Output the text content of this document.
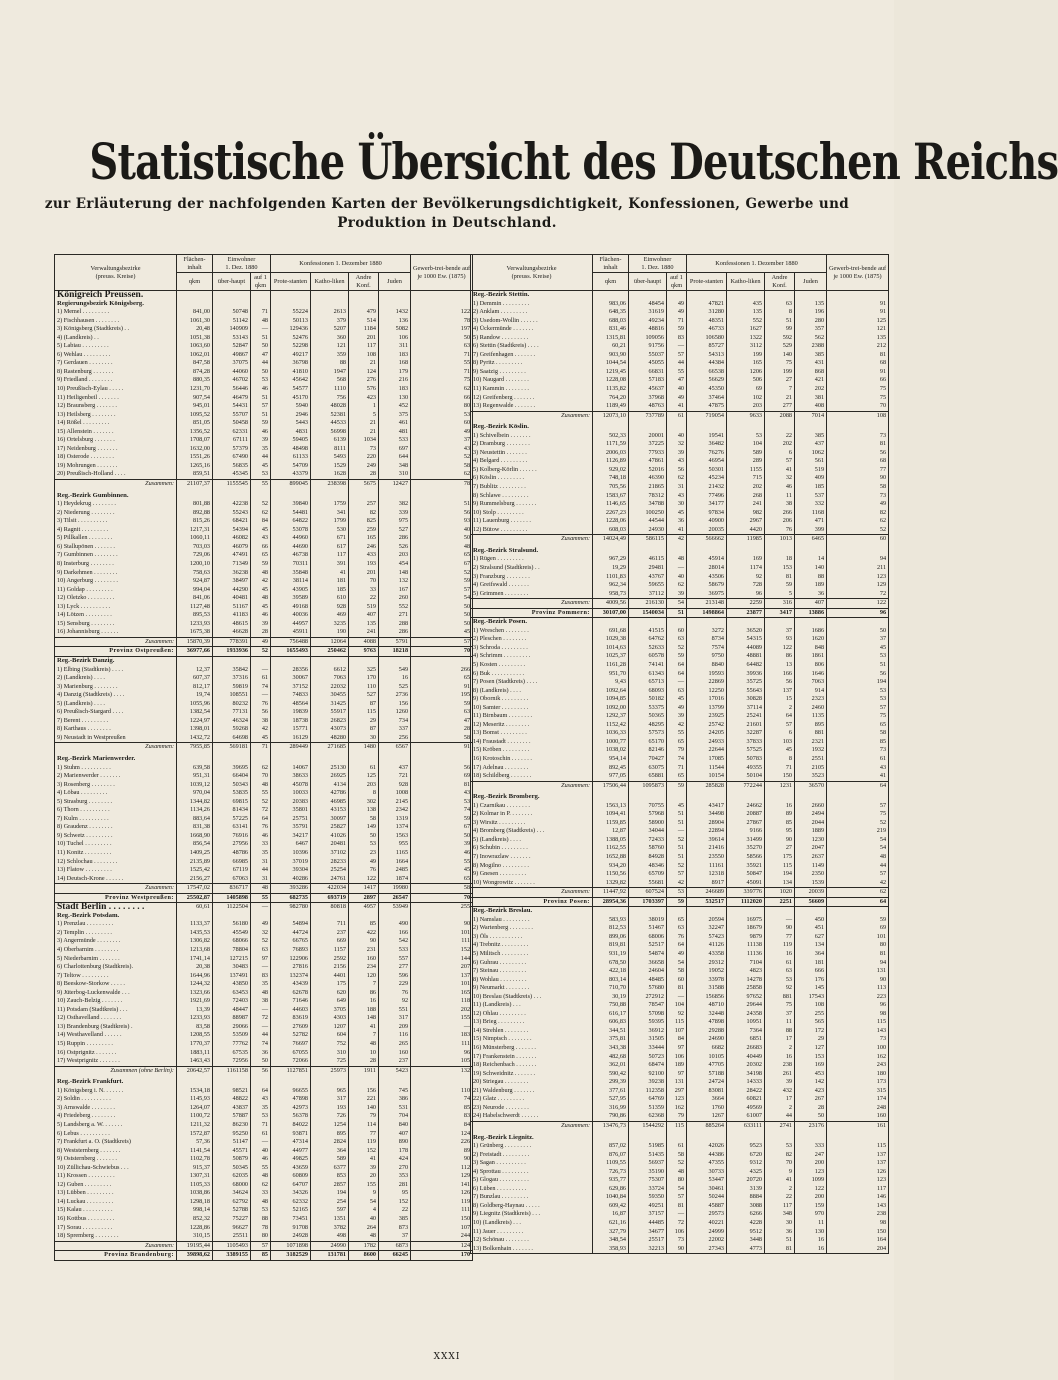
Statistische Übersicht des Deutschen Reichs
zur Erläuterung der nachfolgenden Karten der Bevölkerungsdichtigkeit, Konfessionen, Gewerbe und Produktion in Deutschland.
Verwaltungsbezirke
(preuss. Kreise)	Flächen-inhalt	Einwohner
1. Dez. 1880		Konfessionen 1. Dezember 1880				Gewerb-trei-bende auf je 1000 Ew. (1875)
		über-haupt	auf 1 qkm	Prote-stanten	Katho-liken	Andre Konf.	Juden	
	qkm							
Königreich Preussen.								
Regierungsbezirk Königsberg.								
1) Memel . . . . . . . . .	841,00	50748	71	55224	2613	479	1432	122
2) Fischhausen . . . . . . . .	1061,30	51142	48	50113	379	514	136	78
3) Königsberg (Stadtkreis) . .	20,48	140909	—	129436	5207	1184	5082	197
4) (Landkreis) . .	1051,38	53143	51	52476	360	201	106	50
5) Labiau . . . . . . . . .	1063,60	52847	50	52298	121	117	311	63
6) Wehlau . . . . . . . . .	1062,01	49867	47	49217	359	108	183	71
7) Gerdauen . . . . . . . .	847,58	37075	44	36798	88	21	168	55
8) Rastenburg . . . . . . .	874,28	44060	50	41810	1947	124	179	71
9) Friedland . . . . . . . .	880,35	46702	53	45642	568	276	216	75
10) Preußisch-Eylau . . . . .	1231,70	56446	46	54577	1110	576	183	62
11) Heiligenbeil . . . . . . .	907,54	46479	51	45170	756	423	130	66
12) Braunsberg . . . . . . .	945,01	54431	57	5940	48028	1	452	80
13) Heilsberg . . . . . . . .	1095,52	55707	51	2946	52381	5	375	53
14) Rößel . . . . . . . . .	851,05	50458	59	5443	44533	21	461	60
15) Allenstein . . . . . . .	1356,52	62331	46	4831	56998	21	481	49
16) Ortelsburg . . . . . . .	1708,07	67111	39	59405	6139	1034	533	37
17) Neidenburg . . . . . . .	1632,00	57379	35	48498	8111	73	697	43
18) Osterode . . . . . . . .	1551,26	67490	44	61133	5493	220	644	52
19) Mohrungen . . . . . . .	1265,16	56835	45	54709	1529	249	348	58
20) Preußisch-Holland . . . .	859,51	45345	53	43379	1628	28	310	62
Zusammen:	21107,37	1155545	55	899045	238398	5675	12427	78

Reg.-Bezirk Gumbinnen.								
1) Heydekrug . . . . . . . .	801,88	42238	52	39840	1759	257	382	51
2) Niederung . . . . . . . .	892,88	55243	62	54481	341	82	339	56
3) Tilsit . . . . . . . . . .	815,26	68421	84	64822	1799	825	975	93
4) Ragnit . . . . . . . . .	1217,31	54394	45	53078	530	259	527	40
5) Pillkallen . . . . . . . .	1060,11	46082	43	44960	671	165	286	50
6) Stallupönen . . . . . . .	703,03	46079	66	44690	617	246	526	48
7) Gumbinnen . . . . . . . .	729,06	47491	65	46738	117	433	203	65
8) Insterburg . . . . . . . .	1200,10	71349	59	70311	391	193	454	67
9) Darkehmen . . . . . . . .	758,63	36238	48	35848	41	201	148	52
10) Angerburg . . . . . . . .	924,87	38497	42	38114	181	70	132	59
11) Goldap . . . . . . . . .	994,04	44290	45	43905	185	33	167	57
12) Oletzko . . . . . . . . .	841,06	40481	48	39589	610	22	260	54
13) Lyck . . . . . . . . . .	1127,48	51167	45	49168	928	519	552	50
14) Lötzen . . . . . . . . .	895,53	41183	46	40036	469	407	271	50
15) Sensburg . . . . . . . .	1233,93	48615	39	44957	3235	135	288	50
16) Johannisburg . . . . . .	1675,38	46628	28	45911	190	241	286	45
Zusammen:	15870,39	778391	49	756488	12064	4088	5791	57
Provinz Ostpreußen:	36977,66	1933936	52	1655493	250462	9763	18218	70
Reg.-Bezirk Danzig.								
1) Elbing (Stadtkreis) . . . .	12,37	35842	—	28356	6612	325	549	266
2) (Landkreis) . . . .	607,37	37316	61	30067	7063	170	16	65
3) Marienburg . . . . . . . .	812,17	59819	74	37152	22032	110	525	91
4) Danzig (Stadtkreis) . . . .	19,74	108551	—	74833	30455	527	2736	195
5) (Landkreis) . . . .	1055,96	80232	76	48564	31425	87	156	59
6) Preußisch-Stargard . . . .	1382,54	77131	56	19839	55917	115	1260	63
7) Berent . . . . . . . . .	1224,97	46324	38	18738	26823	29	734	47
8) Karthaus . . . . . . . .	1398,01	59268	42	15771	43073	87	337	28
9) Neustadt in Westpreußen	1432,72	64698	45	16129	48280	30	256	58
Zusammen:	7955,85	569181	71	289449	271685	1480	6567	91

Reg.-Bezirk Marienwerder.								
1) Stuhm . . . . . . . . . .	639,58	39695	62	14067	25130	61	437	56
2) Marienwerder . . . . . . .	951,31	66404	70	38633	26925	125	721	69
3) Rosenberg . . . . . . . .	1039,12	50343	48	45078	4134	203	928	81
4) Löbau . . . . . . . . .	970,04	53835	55	10033	42786	8	1008	43
5) Strasburg . . . . . . . .	1344,82	69815	52	20383	46985	302	2145	53
6) Thorn . . . . . . . . . .	1134,26	81434	72	35801	43153	138	2342	74
7) Kulm . . . . . . . . . .	883,64	57225	64	25751	30097	58	1319	59
8) Graudenz . . . . . . . .	831,38	63141	76	35791	25827	149	1374	67
9) Schwetz . . . . . . . . .	1668,90	76916	46	34217	41026	50	1563	50
10) Tuchel . . . . . . . . .	856,54	27956	33	6467	20481	53	955	39
11) Konitz . . . . . . . . .	1409,25	48786	35	10396	37102	23	1165	46
12) Schlochau . . . . . . . .	2135,89	66985	31	37019	28233	49	1664	55
13) Flatow . . . . . . . . .	1525,42	67119	44	39304	25254	76	2485	45
14) Deutsch-Krone . . . . . .	2156,27	67063	31	40286	24761	122	1874	65
Zusammen:	17547,02	836717	48	393286	422034	1417	19980	58
Provinz Westpreußen:	25502,87	1405898	55	682735	693719	2897	26547	70
Stadt Berlin . . . . . . . .	60,61	1122504	—	982780	80818	4957	53949	255
Reg.-Bezirk Potsdam.								
1) Prenzlau . . . . . . . . .	1133,37	56180	49	54894	711	85	490	90
2) Templin . . . . . . . . .	1435,53	45549	32	44724	237	422	166	101
3) Angermünde . . . . . . . .	1306,82	68066	52	66765	669	90	542	111
4) Oberbarnim . . . . . . . .	1213,68	78804	63	76893	1157	231	533	152
5) Niederbarnim . . . . . . .	1741,14	127215	97	122906	2592	160	557	144
6) Charlottenburg (Stadtkreis).	20,38	30483	—	27816	2156	234	277	207
7) Teltow . . . . . . . . .	1644,96	137491	83	132374	4401	120	596	137
8) Beeskow-Storkow . . . . .	1244,32	43850	35	43439	175	7	229	101
9) Jüterbog-Luckenwalde . . .	1323,66	63453	48	62678	620	86	76	165
10) Zauch-Belzig . . . . . . .	1921,69	72403	38	71646	649	16	92	118
11) Potsdam (Stadtkreis) . . .	13,39	48447	—	44603	3705	188	551	202
12) Osthavelland . . . . . . .	1233,93	88987	72	83619	4303	148	317	155
13) Brandenburg (Stadtkreis) .	83,58	29066	—	27609	1207	41	209	—
14) Westhavelland . . . . . .	1208,55	53509	44	52782	604	7	116	183
15) Ruppin . . . . . . . . .	1770,37	77762	74	76697	752	48	265	111
16) Ostprignitz . . . . . . .	1883,11	67535	36	67055	310	10	160	96
17) Westprignitz . . . . . . .	1463,43	72956	50	72066	725	28	237	105
Zusammen (ohne Berlin):	20642,57	1161158	56	1127851	25973	1911	5423	132

Reg.-Bezirk Frankfurt.								
1) Königsberg i. N. . . . . . .	1534,18	98521	64	96655	965	156	745	110
2) Soldin . . . . . . . . . .	1145,93	48822	43	47898	317	221	386	74
3) Arnswalde . . . . . . . .	1264,07	43837	35	42973	193	140	531	85
4) Friedeberg . . . . . . . .	1100,72	57887	53	56378	726	79	704	83
5) Landsberg a. W. . . . . . .	1211,32	86230	71	84022	1254	114	840	84
6) Lebus . . . . . . . . . .	1572,87	95250	61	93871	895	77	407	124
7) Frankfurt a. O. (Stadtkreis)	57,36	51147	—	47314	2824	119	890	226
8) Weststernberg . . . . . . .	1141,54	45571	40	44977	364	152	178	89
9) Oststernberg . . . . . . .	1102,78	50879	46	49825	589	41	424	90
10) Züllichau-Schwiebus . . .	915,37	50345	55	43659	6377	39	270	112
11) Krossen . . . . . . . . .	1307,31	62035	48	60809	853	20	353	129
12) Guben . . . . . . . . .	1105,33	68000	62	64707	2857	155	281	141
13) Lübben . . . . . . . . .	1038,86	34624	33	34326	194	9	95	126
14) Luckau . . . . . . . . .	1298,18	62792	48	62332	254	54	152	119
15) Kalau . . . . . . . . . .	998,14	52788	53	52165	597	4	22	111
16) Kottbus . . . . . . . . .	852,32	75227	88	73451	1351	40	385	150
17) Sorau . . . . . . . . . .	1228,86	96627	78	91708	3782	264	873	107
18) Spremberg . . . . . . . .	310,15	25511	80	24928	498	48	37	244
Zusammen:	19195,44	1105493	57	1071898	24990	1782	6873	124
Provinz Brandenburg:	39898,62	3389155	85	3182529	131781	8600	66245	170
Verwaltungsbezirke
(preuss. Kreise)	Flächen-inhalt	Einwohner
1. Dez. 1880		Konfessionen 1. Dezember 1880				Gewerb-trei-bende auf je 1000 Ew. (1875)
		über-haupt	auf 1 qkm	Prote-stanten	Katho-liken	Andre Konf.	Juden	
	qkm							
Reg.-Bezirk Stettin.								
1) Demmin . . . . . . . . .	983,06	48454	49	47821	435	63	135	91
2) Anklam . . . . . . . . .	648,35	31619	49	31280	135	8	196	91
3) Usedom-Wollin . . . . . .	688,03	49234	71	48351	552	51	280	125
4) Ückermünde . . . . . . .	831,46	48816	59	46733	1627	99	357	121
5) Randow . . . . . . . . .	1315,81	109056	83	106580	1322	592	562	135
6) Stettin (Stadtkreis) . . . .	60,21	91756	—	85727	3112	529	2388	212
7) Greifenhagen . . . . . . .	903,90	55037	57	54313	199	140	385	81
8) Pyritz . . . . . . . . .	1044,54	45055	44	44384	165	75	431	68
9) Saatzig . . . . . . . . .	1219,45	66831	55	66538	1206	199	868	91
10) Naugard . . . . . . . .	1228,08	57183	47	56629	506	27	421	66
11) Kammin . . . . . . . .	1135,82	45637	40	45350	69	7	202	75
12) Greifenberg . . . . . . .	764,20	37968	49	37464	102	21	381	75
13) Regenwalde . . . . . . .	1189,49	48763	41	47875	203	277	408	70
Zusammen:	12073,10	737789	61	719054	9633	2088	7014	108

Reg.-Bezirk Köslin.								
1) Schivelbein . . . . . . .	502,33	20001	40	19541	53	22	385	73
2) Dramburg . . . . . . . .	1171,59	37225	32	36482	104	202	437	81
3) Neustettin . . . . . . .	2006,03	77933	39	76276	589	6	1062	56
4) Belgard . . . . . . . . .	1126,89	47861	43	46954	289	57	561	68
5) Kolberg-Körlin . . . . . .	929,02	52016	56	50301	1155	41	519	77
6) Köslin . . . . . . . . .	748,18	46390	62	45234	715	32	409	90
7) Bublitz . . . . . . . . .	705,56	21865	31	21432	202	46	185	58
8) Schlawe . . . . . . . . .	1583,67	78312	43	77496	268	11	537	73
9) Rummelsburg . . . . . . .	1146,65	34788	30	34177	241	38	332	49
10) Stolp . . . . . . . . .	2267,23	100250	45	97834	982	266	1168	82
11) Lauenburg . . . . . . .	1228,06	44544	36	40900	2967	206	471	62
12) Bütow . . . . . . . . .	608,03	24930	41	20035	4420	76	399	52
Zusammen:	14024,49	586115	42	566662	11985	1013	6465	60

Reg.-Bezirk Stralsund.								
1) Rügen . . . . . . . . .	967,29	46115	48	45914	169	18	14	94
2) Stralsund (Stadtkreis) . .	19,29	29481	—	28014	1174	153	140	211
3) Franzburg . . . . . . . .	1101,83	43767	40	43506	92	81	88	123
4) Greifswald . . . . . . .	962,34	59655	62	58679	728	59	189	129
5) Grimmen . . . . . . . .	958,73	37112	39	36975	96	5	36	72
Zusammen:	4009,56	216130	54	213148	2259	316	407	122
Provinz Pommern:	30107,00	1540034	51	1498864	23877	3417	13886	96
Reg.-Bezirk Posen.								
1) Wreschen . . . . . . . .	691,68	41515	60	3272	36520	37	1686	50
2) Pleschen . . . . . . . .	1029,38	64762	63	8734	54315	93	1620	37
3) Schroda . . . . . . . . .	1014,63	52633	52	7574	44089	122	848	45
4) Schrimm . . . . . . . . .	1025,37	60578	59	9750	48881	86	1861	53
5) Kosten . . . . . . . . .	1161,28	74141	64	8840	64482	13	806	51
6) Buk . . . . . . . . . . .	951,70	61343	64	19593	39936	166	1646	56
7) Posen (Stadtkreis) . . . .	9,43	65713	—	22869	35725	56	7063	194
8) (Landkreis) . . . .	1092,64	68093	63	12250	55643	137	914	53
9) Obornik . . . . . . . . .	1094,85	50182	45	17016	30828	15	2323	53
10) Samter . . . . . . . . .	1092,00	53375	49	13799	37114	2	2460	57
11) Birnbaum . . . . . . . .	1292,37	50365	39	23925	25241	64	1135	75
12) Meseritz . . . . . . . .	1152,42	48295	42	25742	21601	57	895	65
13) Bomst . . . . . . . . .	1036,33	57573	55	24205	32287	6	881	58
14) Fraustadt . . . . . . . .	1000,77	65170	65	24933	37833	103	2321	85
15) Kröben . . . . . . . . .	1038,02	82146	79	22644	57525	45	1932	73
16) Krotoschin . . . . . . .	954,14	70427	74	17085	50783	8	2551	61
17) Adelnau . . . . . . . .	892,45	63075	71	11544	49355	71	2105	43
18) Schildberg . . . . . . .	977,05	65881	65	10154	50104	150	3523	41
Zusammen:	17506,44	1095873	59	285828	772244	1231	36570	64

Reg.-Bezirk Bromberg.								
1) Czarnikau . . . . . . . .	1563,13	70755	45	43417	24662	16	2660	57
2) Kolmar in P. . . . . . . .	1094,41	57968	51	34498	20887	89	2494	75
3) Wirsitz . . . . . . . . .	1159,85	58900	51	28904	27867	85	2044	52
4) Bromberg (Stadtkreis) . . .	12,87	34044	—	22894	9166	95	1889	219
5) (Landkreis) . . . .	1388,05	72433	52	39614	31499	90	1230	54
6) Schubin . . . . . . . . .	1162,55	58760	51	21416	35270	27	2047	54
7) Inowrazlaw . . . . . . .	1652,88	84928	51	23550	58566	175	2637	48
8) Mogilno . . . . . . . . .	934,20	48346	52	11161	35921	115	1149	44
9) Gnesen . . . . . . . . .	1150,56	65709	57	12318	50847	194	2350	57
10) Wongrowitz . . . . . . .	1329,82	55681	42	8917	45091	134	1539	42
Zusammen:	11447,92	607524	53	246689	339776	1020	20039	62
Provinz Posen:	28954,36	1703397	59	532517	1112020	2251	56609	64
Reg.-Bezirk Breslau.								
1) Namslau . . . . . . . . .	583,93	38019	65	20594	16975	—	450	59
2) Wartenberg . . . . . . . .	812,53	51467	63	32247	18679	90	451	69
3) Öls . . . . . . . . . . .	899,06	68006	76	57423	9879	77	627	101
4) Trebnitz . . . . . . . . .	819,81	52517	64	41126	11138	119	134	80
5) Militsch . . . . . . . . .	931,19	54874	49	43358	11136	16	364	81
6) Guhrau . . . . . . . . .	678,50	36658	54	29312	7104	61	181	94
7) Steinau . . . . . . . . .	422,18	24604	58	19052	4823	63	666	131
8) Wohlau . . . . . . . . .	803,14	48485	60	33978	14278	53	176	90
9) Neumarkt . . . . . . . .	710,70	57680	81	31588	25858	92	145	113
10) Breslau (Stadtkreis) . . .	30,19	272912	—	156856	97652	881	17543	223
11) (Landkreis) . . .	750,88	78547	104	48710	29644	75	108	96
12) Ohlau . . . . . . . . .	616,17	57098	92	32448	24358	37	255	98
13) Brieg . . . . . . . . .	606,83	59395	115	47898	10951	11	565	115
14) Strehlen . . . . . . . .	344,51	36912	107	29288	7364	88	172	143
15) Nimptsch . . . . . . . .	375,81	31505	84	24690	6851	17	29	73
16) Münsterberg . . . . . . .	343,38	33444	97	6682	26683	2	127	100
17) Frankenstein . . . . . . .	482,68	50723	106	10105	40449	16	153	162
18) Reichenbach . . . . . . .	362,01	68474	189	47705	20302	238	169	243
19) Schweidnitz . . . . . . .	590,42	92100	97	57188	34198	261	453	180
20) Striegau . . . . . . . .	299,39	39238	131	24724	14333	39	142	173
21) Waldenburg . . . . . . .	377,61	112358	297	83081	28422	432	423	315
22) Glatz . . . . . . . . .	527,95	64769	123	3664	60821	17	267	174
23) Neurode . . . . . . . .	316,99	51359	162	1760	49569	2	28	248
24) Habelschwerdt . . . . . .	790,86	62368	79	1267	61007	44	50	160
Zusammen:	13476,73	1544292	115	885264	633111	2741	23176	161

Reg.-Bezirk Liegnitz.								
1) Grünberg . . . . . . . . .	857,02	51985	61	42026	9523	53	333	115
2) Freistadt . . . . . . . . .	876,07	51435	58	44386	6720	82	247	137
3) Sagan . . . . . . . . . .	1109,55	56937	52	47355	9312	70	200	137
4) Sprottau . . . . . . . . .	726,73	35190	48	30733	4325	9	123	126
5) Glogau . . . . . . . . . .	935,77	75307	80	53447	20720	41	1099	123
6) Lüben . . . . . . . . . .	629,86	33724	54	30461	3139	2	122	117
7) Bunzlau . . . . . . . . .	1040,84	59350	57	50244	8884	22	200	146
8) Goldberg-Haynau . . . . .	609,42	49251	81	45887	3088	117	159	143
9) Liegnitz (Stadtkreis) . . .	16,87	37157	—	29573	6266	348	970	238
10) (Landkreis) . . .	621,16	44485	72	40221	4228	30	11	98
11) Jauer . . . . . . . . .	327,79	34677	106	24999	9512	36	130	150
12) Schönau . . . . . . . .	348,54	25517	73	22002	3448	51	16	164
13) Bolkenhain . . . . . . .	358,93	32213	90	27343	4773	81	16	204
XXXI
